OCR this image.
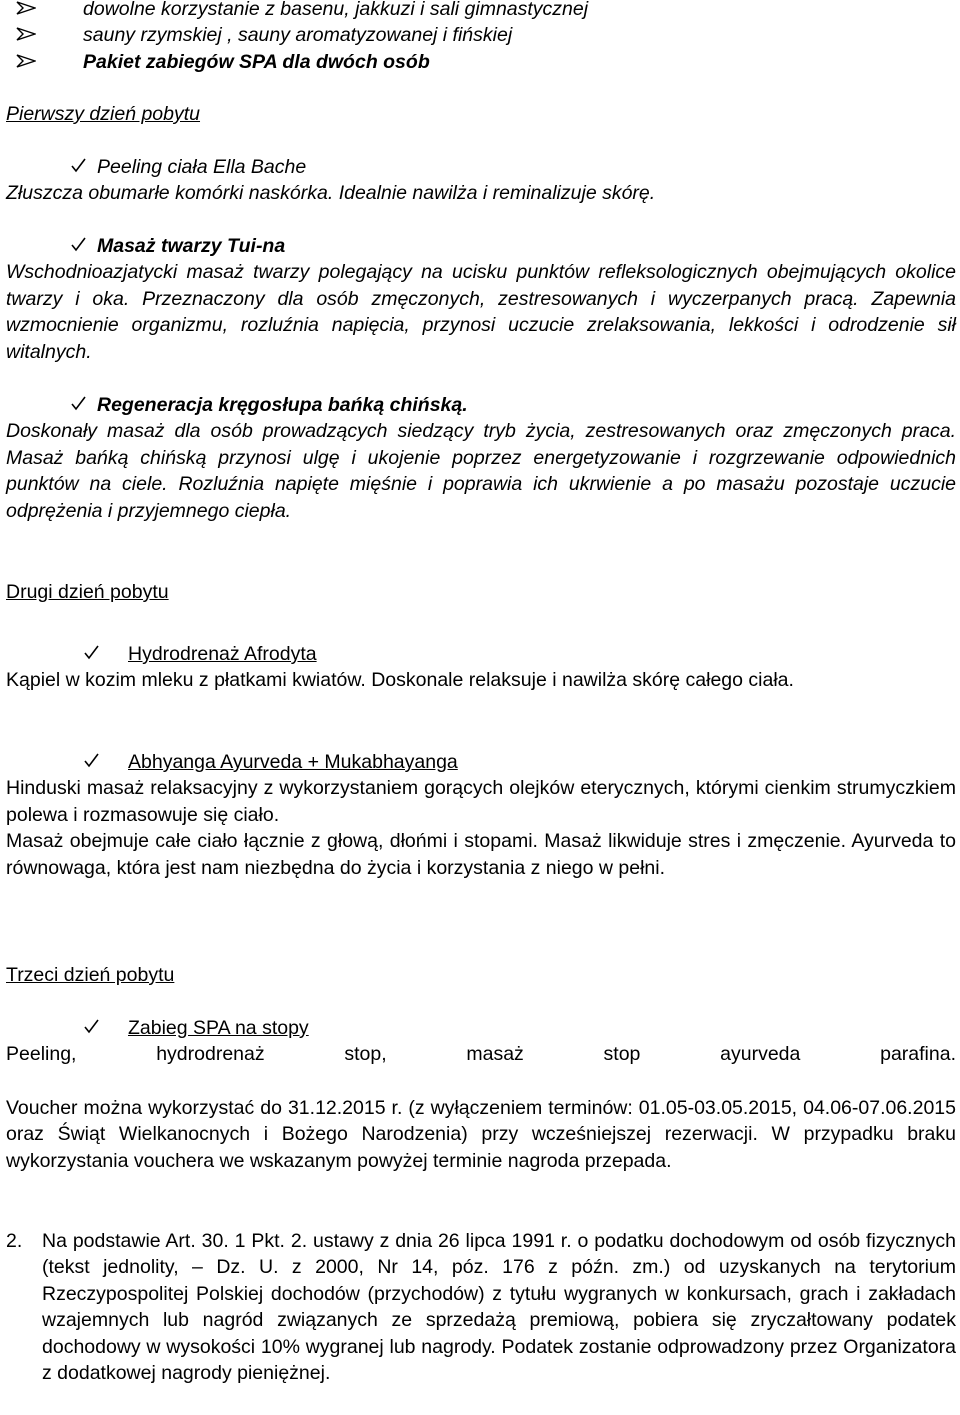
dowolne korzystanie z basenu, jakkuzi i sali gimnastycznej
sauny rzymskiej , sauny aromatyzowanej i fińskiej
Pakiet zabiegów SPA dla dwóch osób

Pierwszy dzień pobytu

Peeling ciała Ella Bache

Złuszcza obumarłe komórki naskórka. Idealnie nawilża i reminalizuje skórę.

Masaż twarzy Tui-na

Wschodnioazjatycki masaż twarzy polegający na ucisku punktów refleksologicznych obejmujących okolice twarzy i oka. Przeznaczony dla osób zmęczonych, zestresowanych i wyczerpanych pracą. Zapewnia wzmocnienie organizmu, rozluźnia napięcia, przynosi uczucie zrelaksowania, lekkości i odrodzenie sił witalnych.

Regeneracja kręgosłupa bańką chińską.

Doskonały masaż dla osób prowadzących siedzący tryb życia, zestresowanych oraz zmęczonych praca. Masaż bańką chińską przynosi ulgę i ukojenie poprzez energetyzowanie i rozgrzewanie odpowiednich punktów na ciele. Rozluźnia napięte mięśnie i poprawia ich ukrwienie a po masażu pozostaje uczucie odprężenia i przyjemnego ciepła.

Drugi dzień pobytu

Hydrodrenaż Afrodyta

Kąpiel w kozim mleku z płatkami kwiatów. Doskonale relaksuje i nawilża skórę całego ciała.

Abhyanga Ayurveda + Mukabhayanga

Hinduski masaż relaksacyjny z wykorzystaniem gorących olejków eterycznych, którymi cienkim strumyczkiem polewa i rozmasowuje się ciało.

Masaż obejmuje całe ciało łącznie z głową, dłońmi i stopami. Masaż likwiduje stres i zmęczenie. Ayurveda to równowaga, która jest nam niezbędna do życia i korzystania z niego w pełni.

Trzeci dzień pobytu

Zabieg SPA na stopy

Peeling, hydrodrenaż stop, masaż stop ayurveda parafina.

Voucher można wykorzystać do 31.12.2015 r. (z wyłączeniem terminów: 01.05-03.05.2015, 04.06-07.06.2015 oraz Świąt Wielkanocnych i Bożego Narodzenia) przy wcześniejszej rezerwacji. W przypadku braku wykorzystania vouchera we wskazanym powyżej terminie nagroda przepada.

2.	Na podstawie Art. 30. 1 Pkt. 2. ustawy z dnia 26 lipca 1991 r. o podatku dochodowym od osób fizycznych (tekst jednolity, – Dz. U. z 2000, Nr 14, póz. 176 z późn. zm.) od uzyskanych na terytorium Rzeczypospolitej Polskiej dochodów (przychodów) z tytułu wygranych w konkursach, grach i zakładach wzajemnych lub nagród związanych ze sprzedażą premiową, pobiera się zryczałtowany podatek dochodowy w wysokości 10% wygranej lub nagrody. Podatek zostanie odprowadzony przez Organizatora z dodatkowej nagrody pieniężnej.
